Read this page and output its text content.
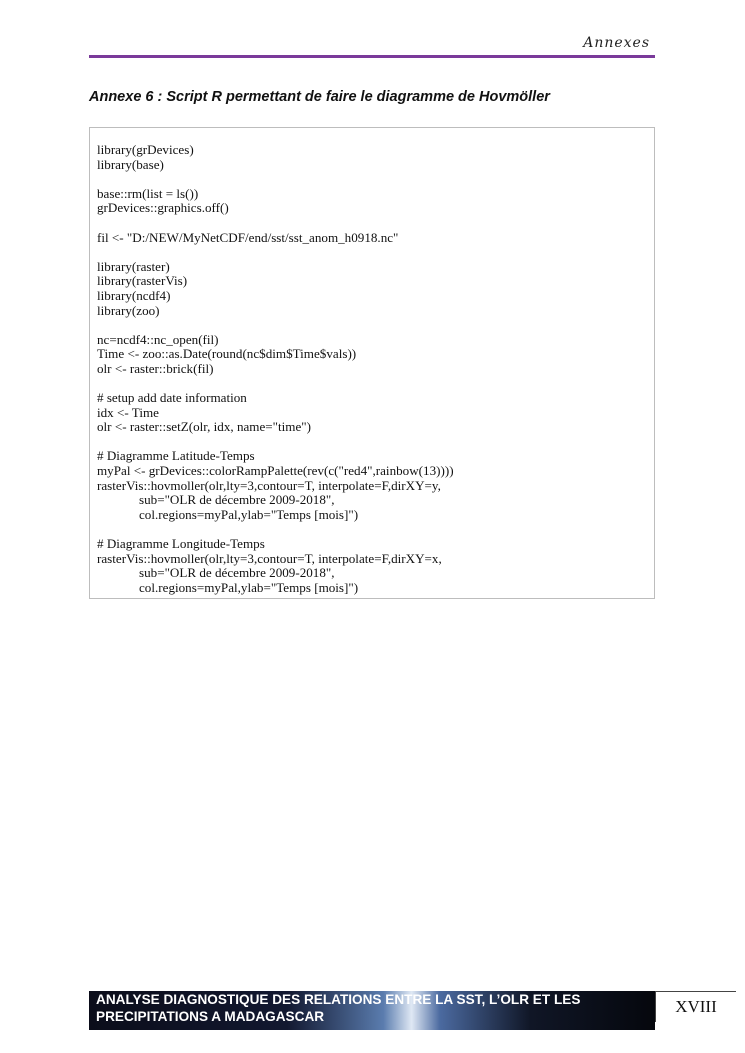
Annexes
Annexe 6 : Script R permettant de faire le diagramme de Hovmöller
library(grDevices)
library(base)
base::rm(list = ls())
grDevices::graphics.off()
fil <- "D:/NEW/MyNetCDF/end/sst/sst_anom_h0918.nc"
library(raster)
library(rasterVis)
library(ncdf4)
library(zoo)
nc=ncdf4::nc_open(fil)
Time <- zoo::as.Date(round(nc$dim$Time$vals))
olr <- raster::brick(fil)
# setup add date information
idx <- Time
olr <- raster::setZ(olr, idx, name="time")
# Diagramme Latitude-Temps
myPal <- grDevices::colorRampPalette(rev(c("red4",rainbow(13))))
rasterVis::hovmoller(olr,lty=3,contour=T, interpolate=F,dirXY=y,
sub="OLR de décembre 2009-2018",
col.regions=myPal,ylab="Temps [mois]")
# Diagramme Longitude-Temps
rasterVis::hovmoller(olr,lty=3,contour=T, interpolate=F,dirXY=x,
sub="OLR de décembre 2009-2018",
col.regions=myPal,ylab="Temps [mois]")
ANALYSE DIAGNOSTIQUE DES RELATIONS ENTRE LA SST, L’OLR ET LES
PRECIPITATIONS A MADAGASCAR	XVIII
